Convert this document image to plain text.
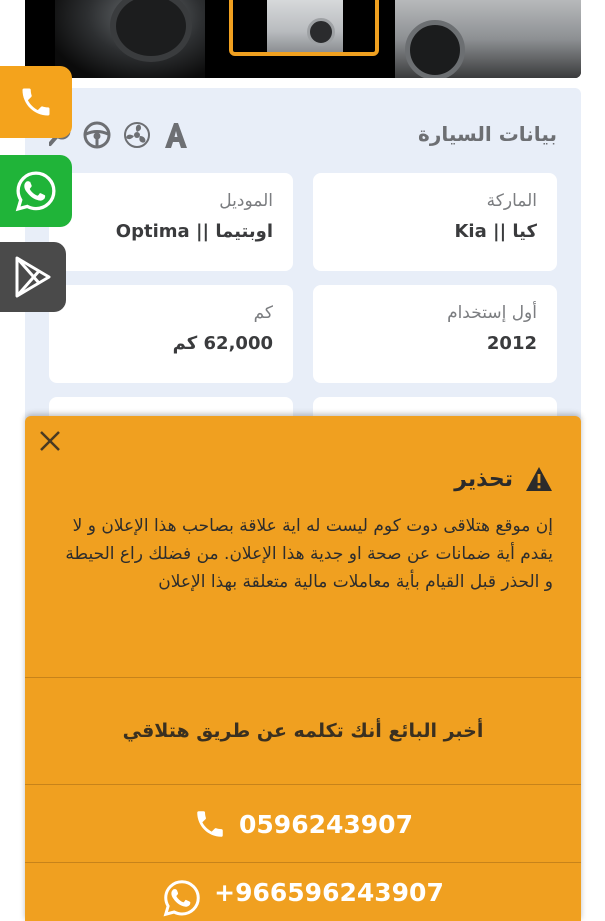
بيانات السيارة
الماركة
كيا || Kia
الموديل
اوبتيما || Optima
أول إستخدام
2012
كم
62,000 كم
تحذير
إن موقع هتلاقى دوت كوم ليست له اية علاقة بصاحب هذا الإعلان و لا يقدم أية ضمانات عن صحة او جدية هذا الإعلان. من فضلك راع الحيطة و الحذر قبل القيام بأية معاملات مالية متعلقة بهذا الإعلان
أخبر البائع أنك تكلمه عن طريق هتلاقي
0596243907
+966596243907
